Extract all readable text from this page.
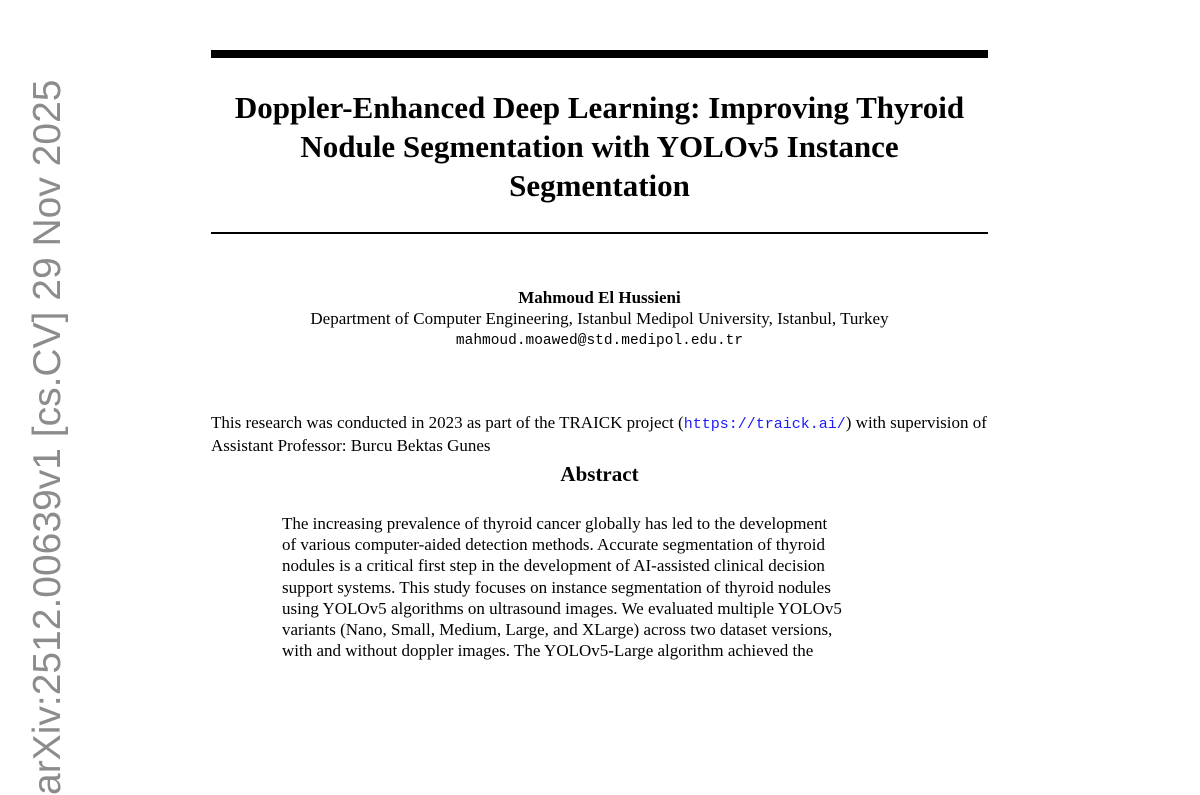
arXiv:2512.00639v1 [cs.CV] 29 Nov 2025	Doppler-Enhanced Deep Learning: Improving Thyroid Nodule Segmentation with YOLOv5 Instance Segmentation
Mahmoud El Hussieni
Department of Computer Engineering, Istanbul Medipol University, Istanbul, Turkey
mahmoud.moawed@std.medipol.edu.tr
This research was conducted in 2023 as part of the TRAICK project (https://traick.ai/) with supervision of Assistant Professor: Burcu Bektas Gunes
Abstract
The increasing prevalence of thyroid cancer globally has led to the development
of various computer-aided detection methods. Accurate segmentation of thyroid
nodules is a critical first step in the development of AI-assisted clinical decision
support systems. This study focuses on instance segmentation of thyroid nodules
using YOLOv5 algorithms on ultrasound images. We evaluated multiple YOLOv5
variants (Nano, Small, Medium, Large, and XLarge) across two dataset versions,
with and without doppler images. The YOLOv5-Large algorithm achieved the
